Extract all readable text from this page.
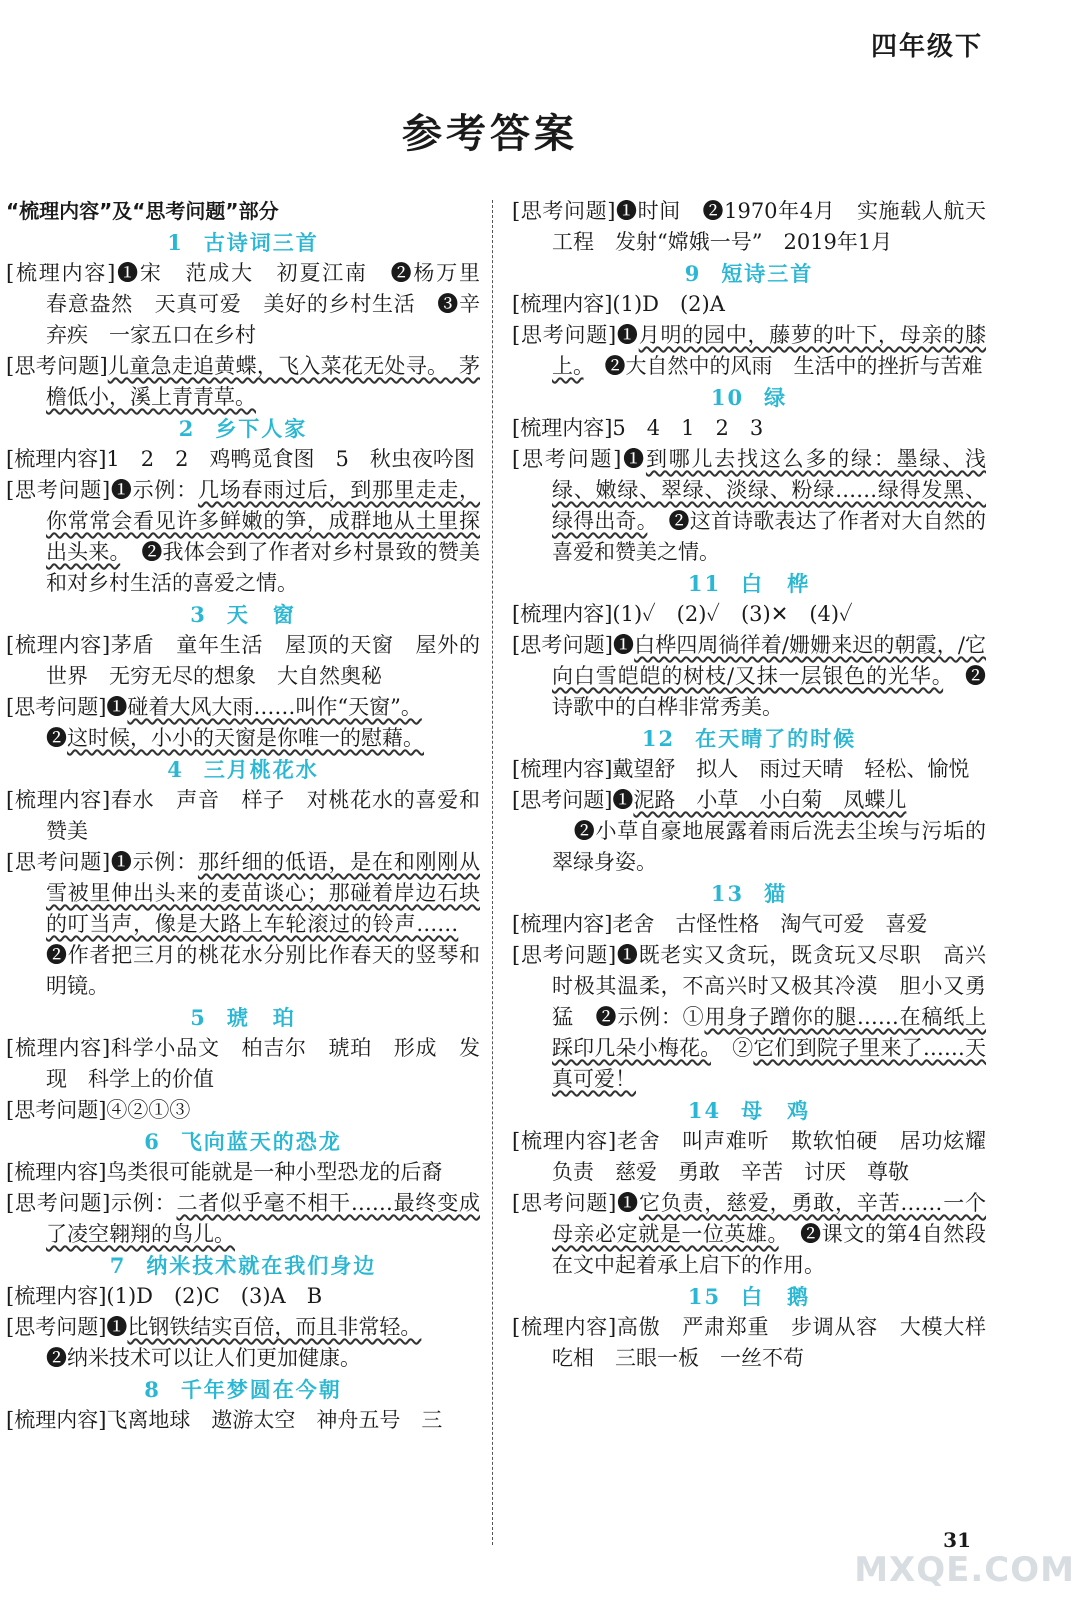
四年级下
参考答案
“梳理内容”及“思考问题”部分
1 古诗词三首
[梳理内容]❶宋　范成大　初夏江南　❷杨万里　春意盎然　天真可爱　美好的乡村生活　❸辛弃疾　一家五口在乡村
[思考问题]儿童急走追黄蝶，飞入菜花无处寻。　茅檐低小，溪上青青草。
2 乡下人家
[梳理内容]1　2　2　鸡鸭觅食图　5　秋虫夜吟图
[思考问题]❶示例：几场春雨过后，到那里走走，你常常会看见许多鲜嫩的笋，成群地从土里探出头来。　❷我体会到了作者对乡村景致的赞美和对乡村生活的喜爱之情。
3 天　窗
[梳理内容]茅盾　童年生活　屋顶的天窗　屋外的世界　无穷无尽的想象　大自然奥秘
[思考问题]❶碰着大风大雨……叫作“天窗”。
❷这时候，小小的天窗是你唯一的慰藉。
4 三月桃花水
[梳理内容]春水　声音　样子　对桃花水的喜爱和赞美
[思考问题]❶示例：那纤细的低语，是在和刚刚从雪被里伸出头来的麦苗谈心；那碰着岸边石块的叮当声，像是大路上车轮滚过的铃声……　❷作者把三月的桃花水分别比作春天的竖琴和明镜。
5 琥　珀
[梳理内容]科学小品文　柏吉尔　琥珀　形成　发现　科学上的价值
[思考问题]④②①③
6 飞向蓝天的恐龙
[梳理内容]鸟类很可能就是一种小型恐龙的后裔
[思考问题]示例：二者似乎毫不相干……最终变成了凌空翱翔的鸟儿。
7 纳米技术就在我们身边
[梳理内容](1)D　(2)C　(3)A　B
[思考问题]❶比钢铁结实百倍，而且非常轻。
❷纳米技术可以让人们更加健康。
8 千年梦圆在今朝
[梳理内容]飞离地球　遨游太空　神舟五号　三
[思考问题]❶时间　❷1970年4月　实施载人航天工程　发射“嫦娥一号”　2019年1月
9 短诗三首
[梳理内容](1)D　(2)A
[思考问题]❶月明的园中，藤萝的叶下，母亲的膝上。　❷大自然中的风雨　生活中的挫折与苦难
10 绿
[梳理内容]5　4　1　2　3
[思考问题]❶到哪儿去找这么多的绿：墨绿、浅绿、嫩绿、翠绿、淡绿、粉绿……绿得发黑、绿得出奇。　❷这首诗歌表达了作者对大自然的喜爱和赞美之情。
11 白　桦
[梳理内容](1)✓　(2)✓　(3)✕　(4)✓
[思考问题]❶白桦四周徜徉着/姗姗来迟的朝霞，/它向白雪皑皑的树枝/又抹一层银色的光华。　❷诗歌中的白桦非常秀美。
12 在天晴了的时候
[梳理内容]戴望舒　拟人　雨过天晴　轻松、愉悦
[思考问题]❶泥路　小草　小白菊　凤蝶儿
　❷小草自豪地展露着雨后洗去尘埃与污垢的翠绿身姿。
13 猫
[梳理内容]老舍　古怪性格　淘气可爱　喜爱
[思考问题]❶既老实又贪玩，既贪玩又尽职　高兴时极其温柔，不高兴时又极其冷漠　胆小又勇猛　❷示例：①用身子蹭你的腿……在稿纸上踩印几朵小梅花。　②它们到院子里来了……天真可爱！
14 母　鸡
[梳理内容]老舍　叫声难听　欺软怕硬　居功炫耀　负责　慈爱　勇敢　辛苦　讨厌　尊敬
[思考问题]❶它负责，慈爱，勇敢，辛苦……一个母亲必定就是一位英雄。　❷课文的第4自然段在文中起着承上启下的作用。
15 白　鹅
[梳理内容]高傲　严肃郑重　步调从容　大模大样　吃相　三眼一板　一丝不苟
31
MXQE.COM
